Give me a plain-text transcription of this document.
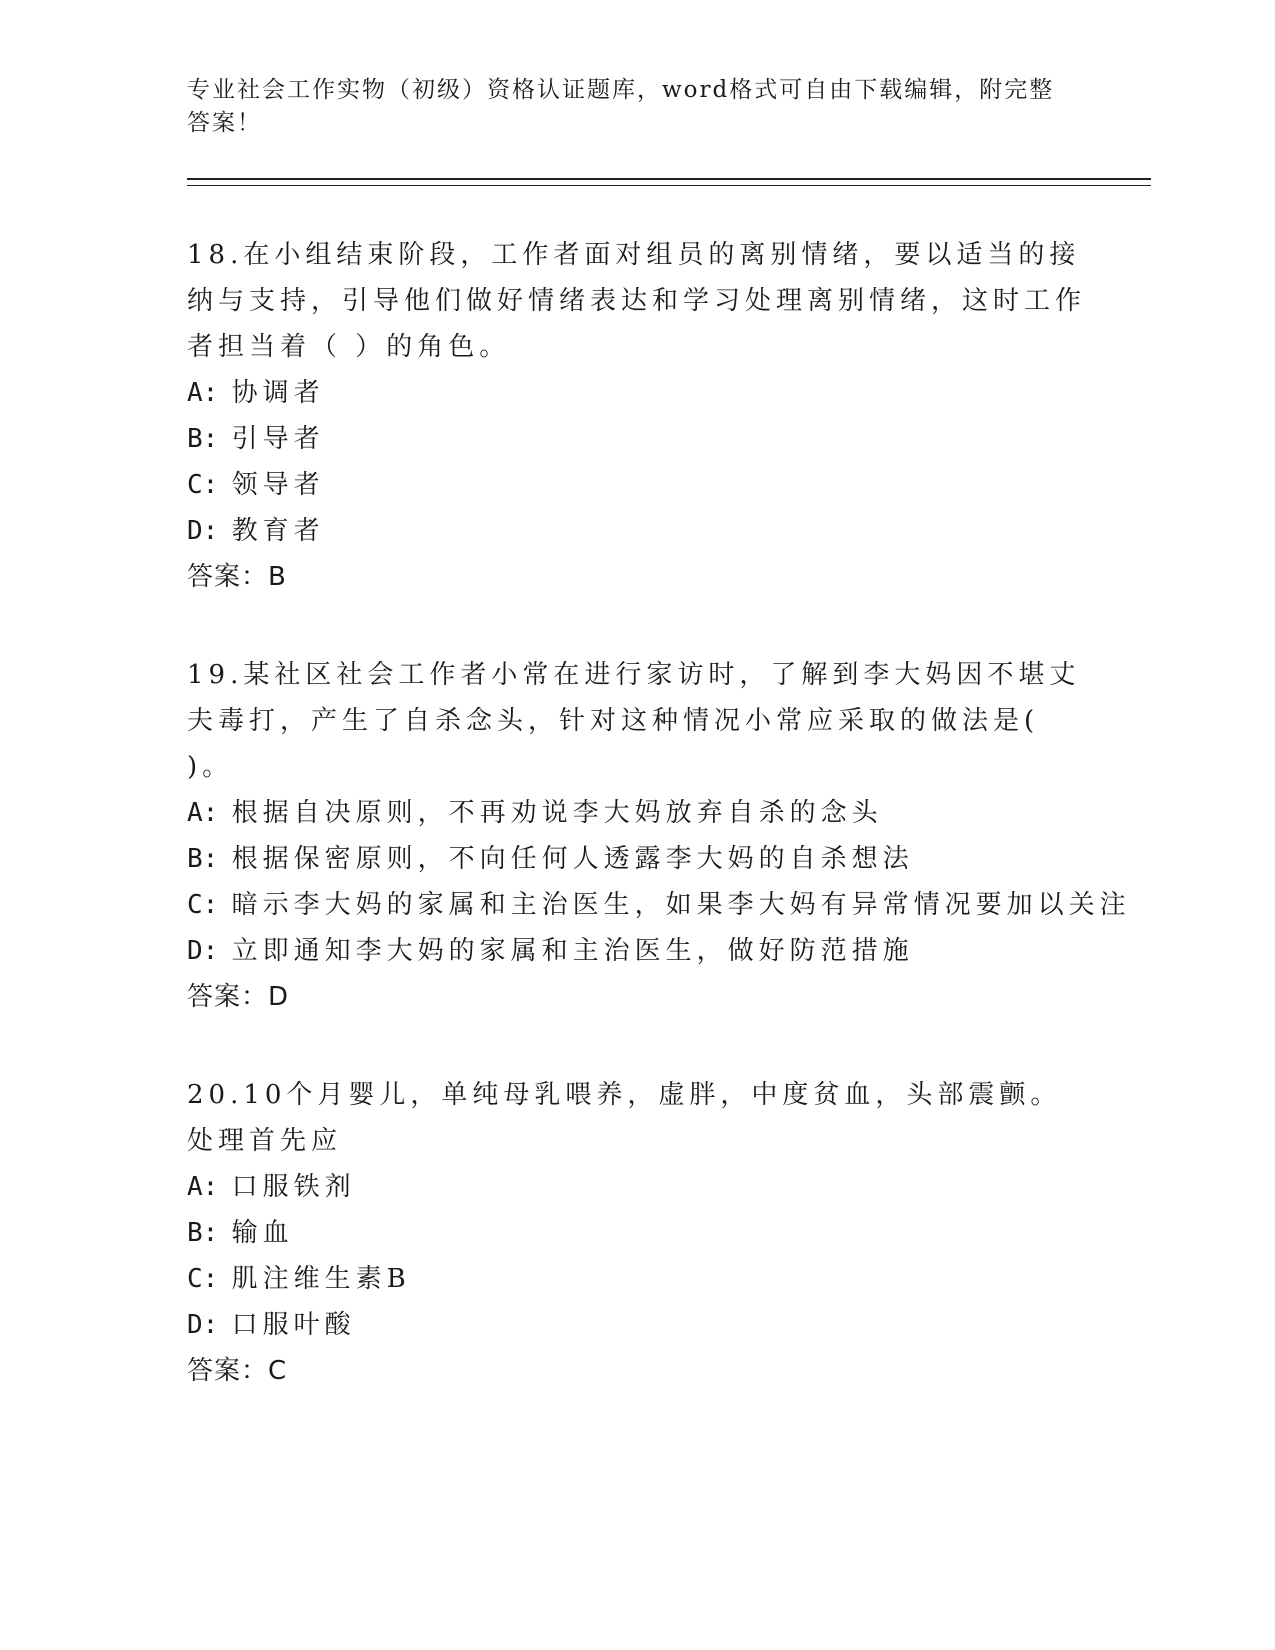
专业社会工作实物（初级）资格认证题库，word格式可自由下载编辑，附完整答案！

18.在小组结束阶段，工作者面对组员的离别情绪，要以适当的接纳与支持，引导他们做好情绪表达和学习处理离别情绪，这时工作者担当着（ ）的角色。

A: 协调者

B: 引导者

C: 领导者

D: 教育者

答案：B

19.某社区社会工作者小常在进行家访时，了解到李大妈因不堪丈夫毒打，产生了自杀念头，针对这种情况小常应采取的做法是( )。

A: 根据自决原则，不再劝说李大妈放弃自杀的念头

B: 根据保密原则，不向任何人透露李大妈的自杀想法

C: 暗示李大妈的家属和主治医生，如果李大妈有异常情况要加以关注

D: 立即通知李大妈的家属和主治医生，做好防范措施

答案：D

20.10个月婴儿，单纯母乳喂养，虚胖，中度贫血，头部震颤。处理首先应

A: 口服铁剂

B: 输血

C: 肌注维生素B

D: 口服叶酸

答案：C
